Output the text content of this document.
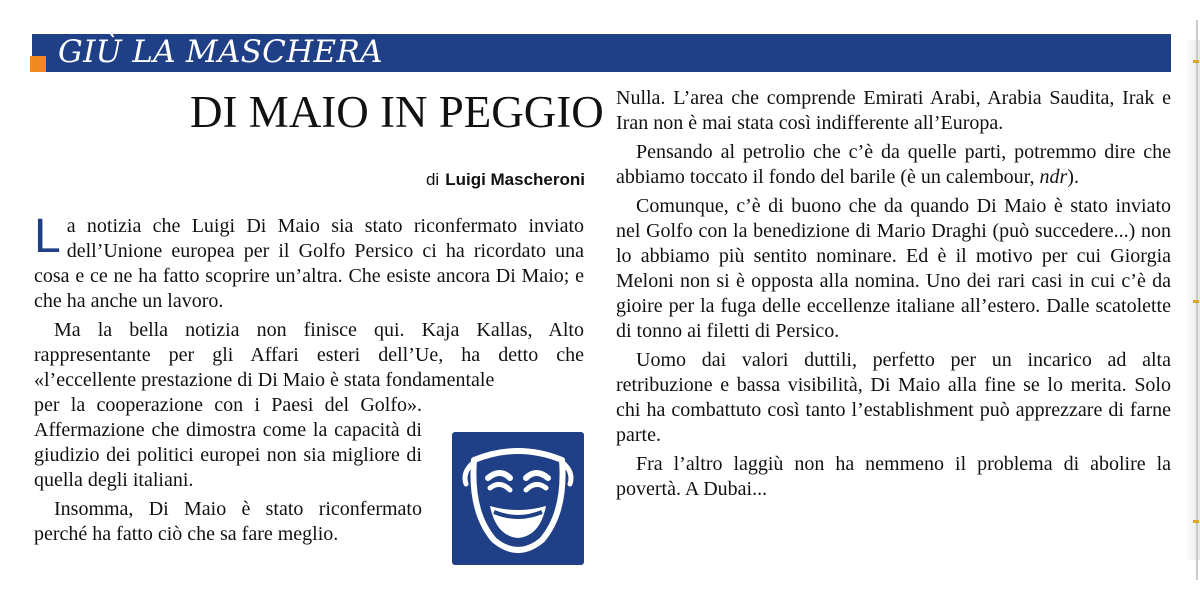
GIÙ LA MASCHERA
DI MAIO IN PEGGIO
di Luigi Mascheroni

La notizia che Luigi Di Maio sia stato riconfermato inviato dell’Unione europea per il Golfo Persico ci ha ricordato una cosa e ce ne ha fatto scoprire un’altra. Che esiste ancora Di Maio; e che ha anche un lavoro.

Ma la bella notizia non finisce qui. Kaja Kallas, Alto rappresentante per gli Affari esteri dell’Ue, ha detto che «l’eccellente prestazione di Di Maio è stata fondamentale

per la cooperazione con i Paesi del Golfo». Affermazione che dimostra come la capacità di giudizio dei politici europei non sia migliore di quella degli italiani.

Insomma, Di Maio è stato riconfermato perché ha fatto ciò che sa fare meglio.

Nulla. L’area che comprende Emirati Arabi, Arabia Saudita, Irak e Iran non è mai stata così indifferente all’Europa.

Pensando al petrolio che c’è da quelle parti, potremmo dire che abbiamo toccato il fondo del barile (è un calembour, ndr).

Comunque, c’è di buono che da quando Di Maio è stato inviato nel Golfo con la benedizione di Mario Draghi (può succedere...) non lo abbiamo più sentito nominare. Ed è il motivo per cui Giorgia Meloni non si è opposta alla nomina. Uno dei rari casi in cui c’è da gioire per la fuga delle eccellenze italiane all’estero. Dalle scatolette di tonno ai filetti di Persico.

Uomo dai valori duttili, perfetto per un incarico ad alta retribuzione e bassa visibilità, Di Maio alla fine se lo merita. Solo chi ha combattuto così tanto l’establishment può apprezzare di farne parte.

Fra l’altro laggiù non ha nemmeno il problema di abolire la povertà. A Dubai...
